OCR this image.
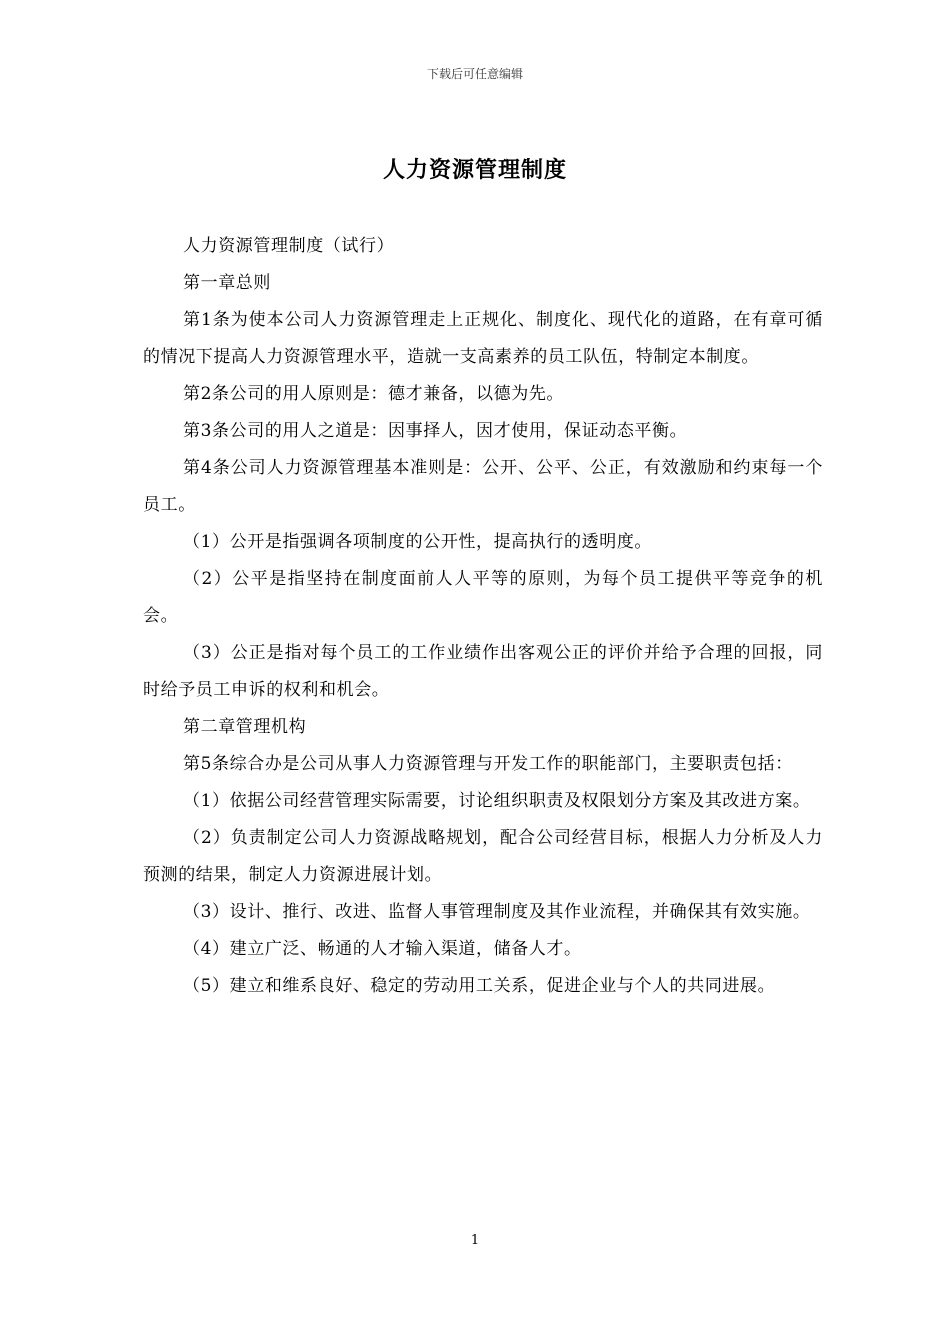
下载后可任意编辑
人力资源管理制度

人力资源管理制度（试行）

第一章总则

第1条为使本公司人力资源管理走上正规化、制度化、现代化的道路，在有章可循的情况下提高人力资源管理水平，造就一支高素养的员工队伍，特制定本制度。

第2条公司的用人原则是：德才兼备，以德为先。

第3条公司的用人之道是：因事择人，因才使用，保证动态平衡。

第4条公司人力资源管理基本准则是：公开、公平、公正，有效激励和约束每一个员工。

（1）公开是指强调各项制度的公开性，提高执行的透明度。

（2）公平是指坚持在制度面前人人平等的原则，为每个员工提供平等竞争的机会。

（3）公正是指对每个员工的工作业绩作出客观公正的评价并给予合理的回报，同时给予员工申诉的权利和机会。

第二章管理机构

第5条综合办是公司从事人力资源管理与开发工作的职能部门，主要职责包括：

（1）依据公司经营管理实际需要，讨论组织职责及权限划分方案及其改进方案。

（2）负责制定公司人力资源战略规划，配合公司经营目标，根据人力分析及人力预测的结果，制定人力资源进展计划。

（3）设计、推行、改进、监督人事管理制度及其作业流程，并确保其有效实施。

（4）建立广泛、畅通的人才输入渠道，储备人才。

（5）建立和维系良好、稳定的劳动用工关系，促进企业与个人的共同进展。

1
